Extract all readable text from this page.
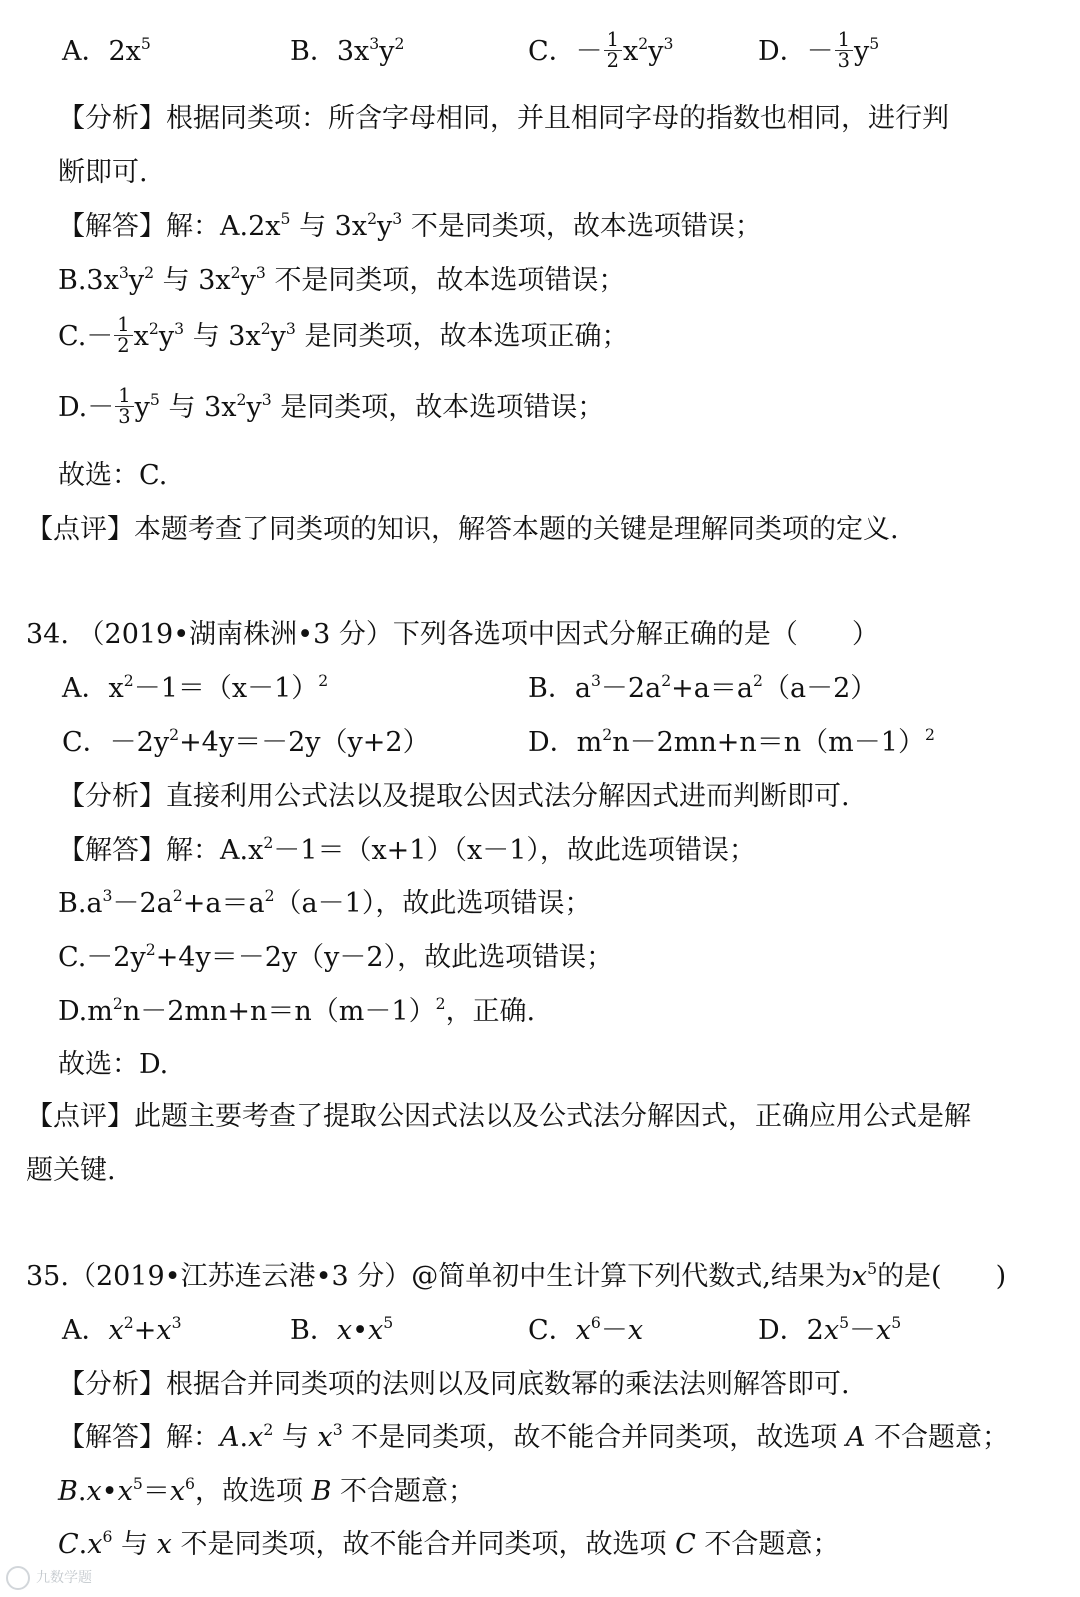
A．$2x^5$	B．$3x^3y^2$	C．－ $\frac{1}{2} x^2y^3$	D．－ $\frac{1}{3} y^5$
【分析】根据同类项：所含字母相同，并且相同字母的指数也相同，进行判
断即可.
【解答】解：$A.2x^5$ 与 $3x^2y^3$ 不是同类项，故本选项错误；
$B.3x^3y^2$ 与 $3x^2y^3$ 不是同类项，故本选项错误；
$C.- \frac{1}{2} x^2y^3$ 与 $3x^2y^3$ 是同类项，故本选项正确；
$D.- \frac{1}{3} y^5$ 与 $3x^2y^3$ 是同类项，故本选项错误；
故选：C.
【点评】本题考查了同类项的知识，解答本题的关键是理解同类项的定义.
34. （2019•湖南株洲•3 分）下列各选项中因式分解正确的是（　　）
A．$x^2-1=(x-1)^2$	B．$a^3-2a^2+a=a^2(a-2)$
C．$-2y^2+4y=-2y(y+2)$	D．$m^2n-2mn+n=n(m-1)^2$
【分析】直接利用公式法以及提取公因式法分解因式进而判断即可.
【解答】解：$A.x^2-1=(x+1)(x-1)$，故此选项错误；
$B.a^3-2a^2+a=a^2(a-1)$，故此选项错误；
$C.-2y^2+4y=-2y(y-2)$，故此选项错误；
$D.m^2n-2mn+n=n(m-1)^2$，正确.
故选：D.
【点评】此题主要考查了提取公因式法以及公式法分解因式，正确应用公式是解
题关键.
35.（2019•江苏连云港•3 分）@简单初中生计算下列代数式,结果为$x^5$的是(　　)
A．$x^2+x^3$	B．$x•x^5$	C．$x^6-x$	D．$2x^5-x^5$
【分析】根据合并同类项的法则以及同底数幂的乘法法则解答即可.
【解答】解：$A.x^2$ 与 $x^3$ 不是同类项，故不能合并同类项，故选项 A 不合题意；
$B.x•x^5=x^6$，故选项 B 不合题意；
$C.x^6$ 与 x 不是同类项，故不能合并同类项，故选项 C 不合题意；
九数学题
